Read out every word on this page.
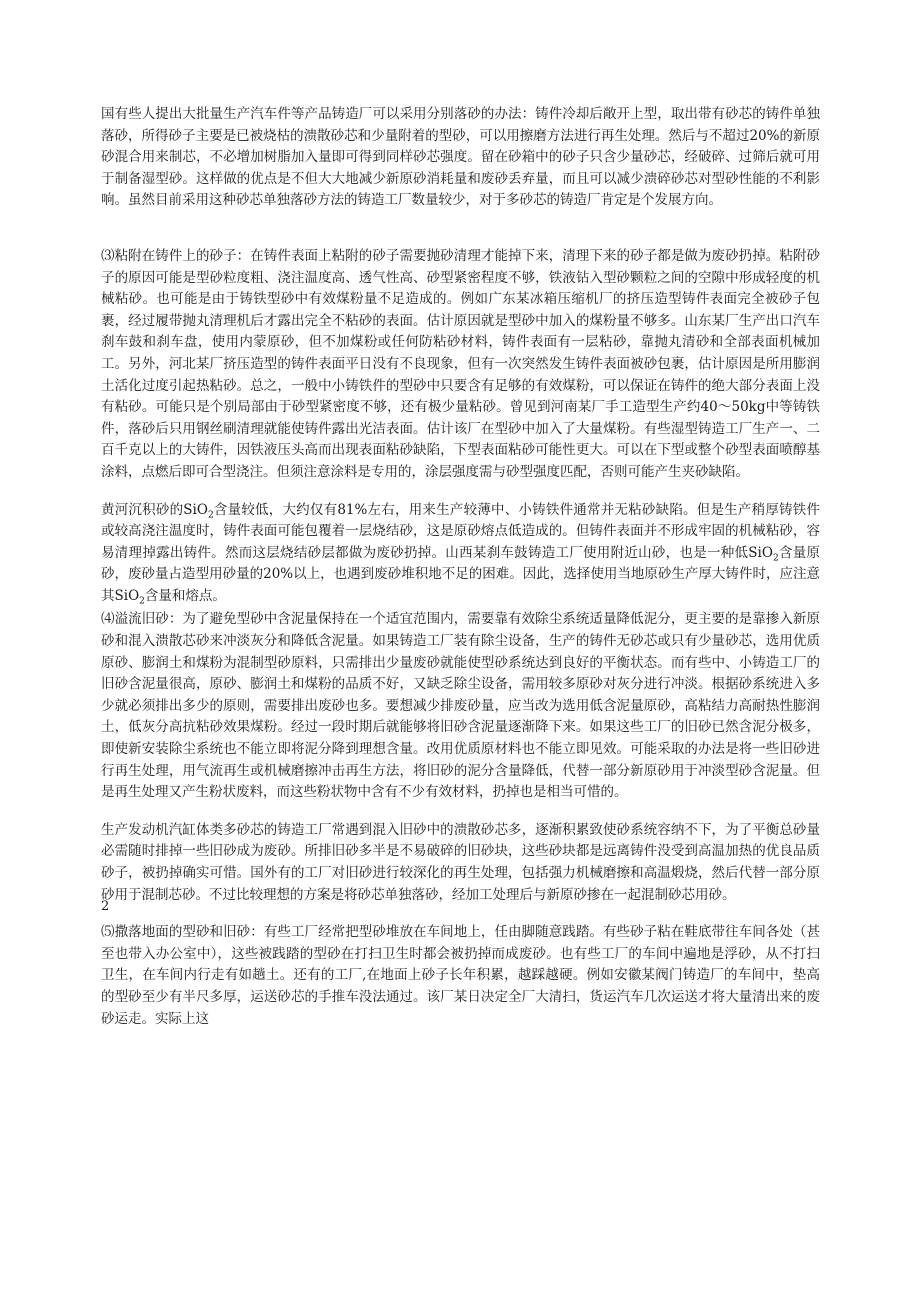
国有些人提出大批量生产汽车件等产品铸造厂可以采用分别落砂的办法：铸件冷却后敞开上型，取出带有砂芯的铸件单独落砂，所得砂子主要是已被烧枯的溃散砂芯和少量附着的型砂，可以用擦磨方法进行再生处理。然后与不超过20%的新原砂混合用来制芯，不必增加树脂加入量即可得到同样砂芯强度。留在砂箱中的砂子只含少量砂芯，经破碎、过筛后就可用于制备湿型砂。这样做的优点是不但大大地减少新原砂消耗量和废砂丢弃量，而且可以减少溃碎砂芯对型砂性能的不利影响。虽然目前采用这种砂芯单独落砂方法的铸造工厂数量较少，对于多砂芯的铸造厂肯定是个发展方向。

⑶粘附在铸件上的砂子：在铸件表面上粘附的砂子需要抛砂清理才能掉下来，清理下来的砂子都是做为废砂扔掉。粘附砂子的原因可能是型砂粒度粗、浇注温度高、透气性高、砂型紧密程度不够，铁液钻入型砂颗粒之间的空隙中形成轻度的机械粘砂。也可能是由于铸铁型砂中有效煤粉量不足造成的。例如广东某冰箱压缩机厂的挤压造型铸件表面完全被砂子包裹，经过履带抛丸清理机后才露出完全不粘砂的表面。估计原因就是型砂中加入的煤粉量不够多。山东某厂生产出口汽车刹车鼓和刹车盘，使用内蒙原砂，但不加煤粉或任何防粘砂材料，铸件表面有一层粘砂，靠抛丸清砂和全部表面机械加工。另外，河北某厂挤压造型的铸件表面平日没有不良现象，但有一次突然发生铸件表面被砂包裹，估计原因是所用膨润土活化过度引起热粘砂。总之，一般中小铸铁件的型砂中只要含有足够的有效煤粉，可以保证在铸件的绝大部分表面上没有粘砂。可能只是个别局部由于砂型紧密度不够，还有极少量粘砂。曾见到河南某厂手工造型生产约40～50kg中等铸铁件，落砂后只用钢丝刷清理就能使铸件露出光洁表面。估计该厂在型砂中加入了大量煤粉。有些湿型铸造工厂生产一、二百千克以上的大铸件，因铁液压头高而出现表面粘砂缺陷，下型表面粘砂可能性更大。可以在下型或整个砂型表面喷醇基涂料，点燃后即可合型浇注。但须注意涂料是专用的，涂层强度需与砂型强度匹配，否则可能产生夹砂缺陷。

黄河沉积砂的SiO$_2$含量较低，大约仅有81%左右，用来生产较薄中、小铸铁件通常并无粘砂缺陷。但是生产稍厚铸铁件或较高浇注温度时，铸件表面可能包覆着一层烧结砂，这是原砂熔点低造成的。但铸件表面并不形成牢固的机械粘砂，容易清理掉露出铸件。然而这层烧结砂层都做为废砂扔掉。山西某刹车鼓铸造工厂使用附近山砂，也是一种低SiO$_2$含量原砂，废砂量占造型用砂量的20%以上，也遇到废砂堆积地不足的困难。因此，选择使用当地原砂生产厚大铸件时，应注意其SiO$_2$含量和熔点。

⑷溢流旧砂：为了避免型砂中含泥量保持在一个适宜范围内，需要靠有效除尘系统适量降低泥分，更主要的是靠掺入新原砂和混入溃散芯砂来冲淡灰分和降低含泥量。如果铸造工厂装有除尘设备，生产的铸件无砂芯或只有少量砂芯，选用优质原砂、膨润土和煤粉为混制型砂原料，只需排出少量废砂就能使型砂系统达到良好的平衡状态。而有些中、小铸造工厂的旧砂含泥量很高，原砂、膨润土和煤粉的品质不好，又缺乏除尘设备，需用较多原砂对灰分进行冲淡。根据砂系统进入多少就必须排出多少的原则，需要排出废砂也多。要想减少排废砂量，应当改为选用低含泥量原砂，高粘结力高耐热性膨润土，低灰分高抗粘砂效果煤粉。经过一段时期后就能够将旧砂含泥量逐渐降下来。如果这些工厂的旧砂已然含泥分极多，即使新安装除尘系统也不能立即将泥分降到理想含量。改用优质原材料也不能立即见效。可能采取的办法是将一些旧砂进行再生处理，用气流再生或机械磨擦冲击再生方法，将旧砂的泥分含量降低，代替一部分新原砂用于冲淡型砂含泥量。但是再生处理又产生粉状废料，而这些粉状物中含有不少有效材料，扔掉也是相当可惜的。

生产发动机汽缸体类多砂芯的铸造工厂常遇到混入旧砂中的溃散砂芯多，逐渐积累致使砂系统容纳不下，为了平衡总砂量必需随时排掉一些旧砂成为废砂。所排旧砂多半是不易破碎的旧砂块，这些砂块都是远离铸件没受到高温加热的优良品质砂子，被扔掉确实可惜。国外有的工厂对旧砂进行较深化的再生处理，包括强力机械磨擦和高温煅烧，然后代替一部分原砂用于混制芯砂。不过比较理想的方案是将砂芯单独落砂，经加工处理后与新原砂掺在一起混制砂芯用砂。

⑸撒落地面的型砂和旧砂：有些工厂经常把型砂堆放在车间地上，任由脚随意践踏。有些砂子粘在鞋底带往车间各处（甚至也带入办公室中），这些被践踏的型砂在打扫卫生时都会被扔掉而成废砂。也有些工厂的车间中遍地是浮砂，从不打扫卫生，在车间内行走有如趟土。还有的工厂,在地面上砂子长年积累，越踩越硬。例如安徽某阀门铸造厂的车间中，垫高的型砂至少有半尺多厚，运送砂芯的手推车没法通过。该厂某日决定全厂大清扫，货运汽车几次运送才将大量清出来的废砂运走。实际上这

2
